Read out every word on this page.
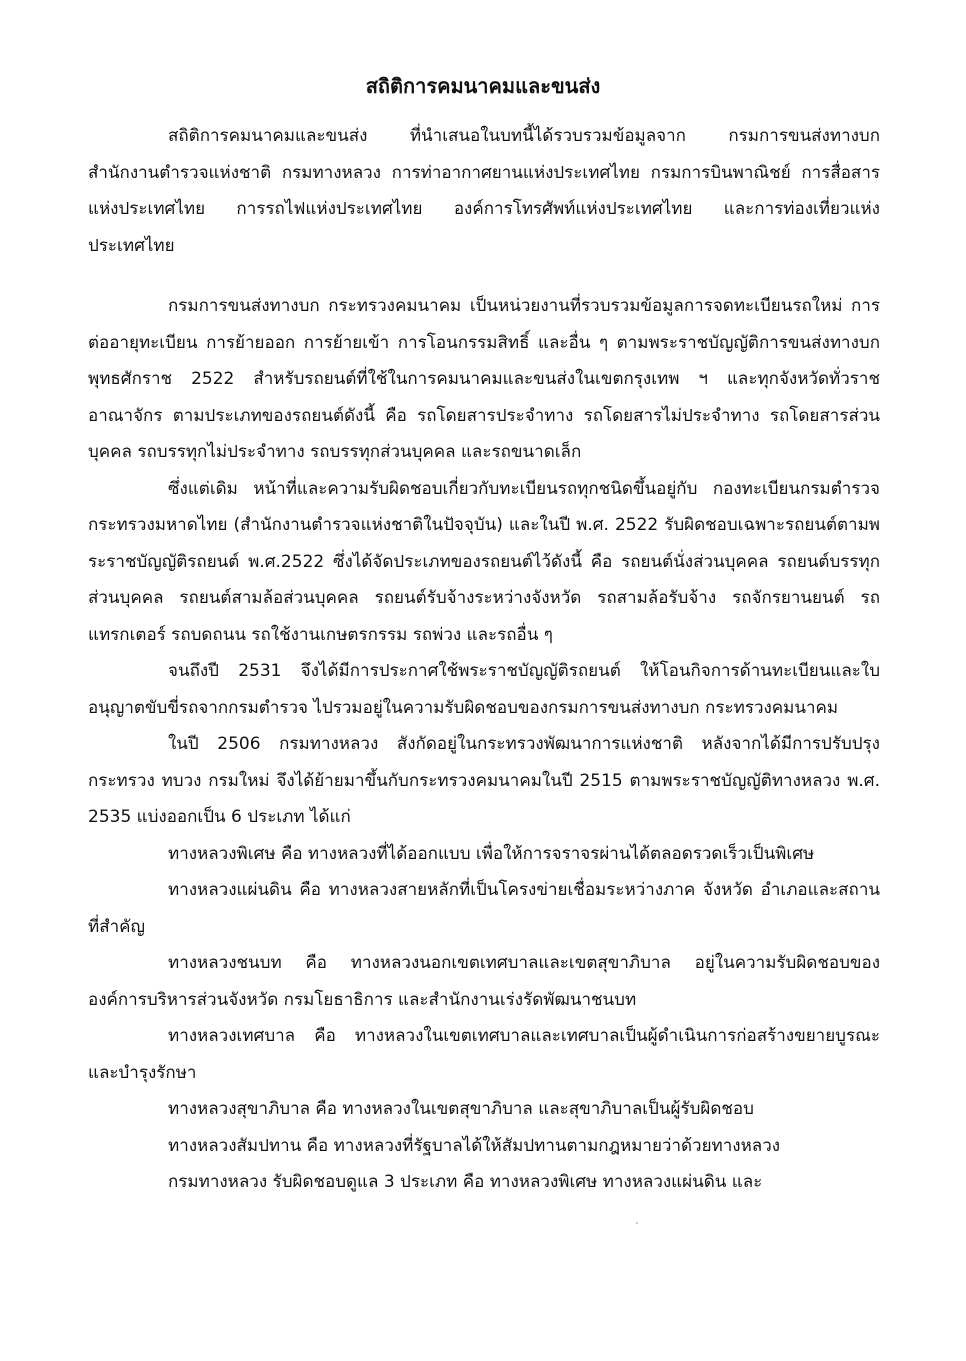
สถิติการคมนาคมและขนส่ง

สถิติการคมนาคมและขนส่ง ที่นำเสนอในบทนี้ได้รวบรวมข้อมูลจาก กรมการขนส่งทางบก สำนักงานตำรวจแห่งชาติ กรมทางหลวง การท่าอากาศยานแห่งประเทศไทย กรมการบินพาณิชย์ การสื่อสารแห่งประเทศไทย การรถไฟแห่งประเทศไทย องค์การโทรศัพท์แห่งประเทศไทย และการท่องเที่ยวแห่งประเทศไทย

กรมการขนส่งทางบก กระทรวงคมนาคม เป็นหน่วยงานที่รวบรวมข้อมูลการจดทะเบียนรถใหม่ การต่ออายุทะเบียน การย้ายออก การย้ายเข้า การโอนกรรมสิทธิ์ และอื่น ๆ ตามพระราชบัญญัติการขนส่งทางบก พุทธศักราช 2522 สำหรับรถยนต์ที่ใช้ในการคมนาคมและขนส่งในเขตกรุงเทพ ฯ และทุกจังหวัดทั่วราชอาณาจักร ตามประเภทของรถยนต์ดังนี้ คือ รถโดยสารประจำทาง รถโดยสารไม่ประจำทาง รถโดยสารส่วนบุคคล รถบรรทุกไม่ประจำทาง รถบรรทุกส่วนบุคคล และรถขนาดเล็ก

ซึ่งแต่เดิม หน้าที่และความรับผิดชอบเกี่ยวกับทะเบียนรถทุกชนิดขึ้นอยู่กับ กองทะเบียนกรมตำรวจ กระทรวงมหาดไทย (สำนักงานตำรวจแห่งชาติในปัจจุบัน) และในปี พ.ศ. 2522 รับผิดชอบเฉพาะรถยนต์ตามพระราชบัญญัติรถยนต์ พ.ศ.2522 ซึ่งได้จัดประเภทของรถยนต์ไว้ดังนี้ คือ รถยนต์นั่งส่วนบุคคล รถยนต์บรรทุกส่วนบุคคล รถยนต์สามล้อส่วนบุคคล รถยนต์รับจ้างระหว่างจังหวัด รถสามล้อรับจ้าง รถจักรยานยนต์ รถแทรกเตอร์ รถบดถนน รถใช้งานเกษตรกรรม รถพ่วง และรถอื่น ๆ

จนถึงปี 2531 จึงได้มีการประกาศใช้พระราชบัญญัติรถยนต์ ให้โอนกิจการด้านทะเบียนและใบอนุญาตขับขี่รถจากกรมตำรวจ ไปรวมอยู่ในความรับผิดชอบของกรมการขนส่งทางบก กระทรวงคมนาคม

ในปี 2506 กรมทางหลวง สังกัดอยู่ในกระทรวงพัฒนาการแห่งชาติ หลังจากได้มีการปรับปรุงกระทรวง ทบวง กรมใหม่ จึงได้ย้ายมาขึ้นกับกระทรวงคมนาคมในปี 2515 ตามพระราชบัญญัติทางหลวง พ.ศ. 2535 แบ่งออกเป็น 6 ประเภท ได้แก่

ทางหลวงพิเศษ คือ ทางหลวงที่ได้ออกแบบ เพื่อให้การจราจรผ่านได้ตลอดรวดเร็วเป็นพิเศษ

ทางหลวงแผ่นดิน คือ ทางหลวงสายหลักที่เป็นโครงข่ายเชื่อมระหว่างภาค จังหวัด อำเภอและสถานที่สำคัญ

ทางหลวงชนบท คือ ทางหลวงนอกเขตเทศบาลและเขตสุขาภิบาล อยู่ในความรับผิดชอบขององค์การบริหารส่วนจังหวัด กรมโยธาธิการ และสำนักงานเร่งรัดพัฒนาชนบท

ทางหลวงเทศบาล คือ ทางหลวงในเขตเทศบาลและเทศบาลเป็นผู้ดำเนินการก่อสร้างขยายบูรณะและบำรุงรักษา

ทางหลวงสุขาภิบาล คือ ทางหลวงในเขตสุขาภิบาล และสุขาภิบาลเป็นผู้รับผิดชอบ

ทางหลวงสัมปทาน คือ ทางหลวงที่รัฐบาลได้ให้สัมปทานตามกฎหมายว่าด้วยทางหลวง

กรมทางหลวง รับผิดชอบดูแล 3 ประเภท คือ ทางหลวงพิเศษ ทางหลวงแผ่นดิน และ
